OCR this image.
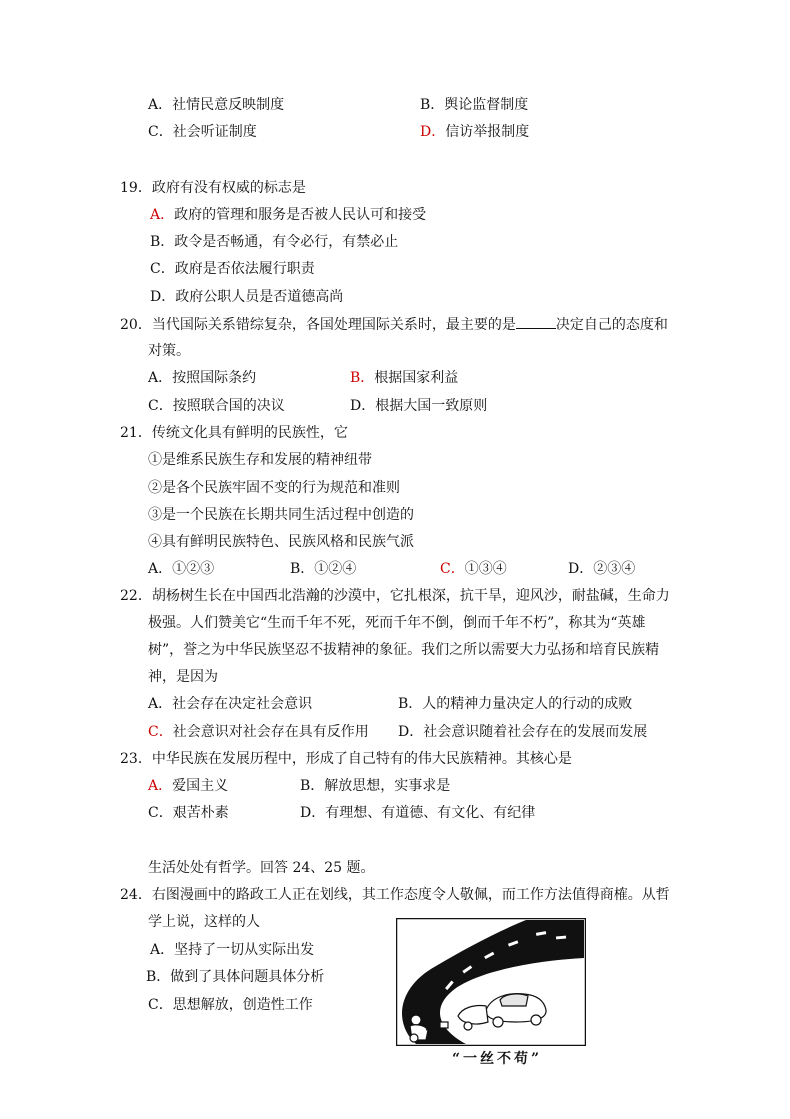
A．社情民意反映制度	B．舆论监督制度
C．社会听证制度	D．信访举报制度
19．政府有没有权威的标志是
A．政府的管理和服务是否被人民认可和接受
B．政令是否畅通，有令必行，有禁必止
C．政府是否依法履行职责
D．政府公职人员是否道德高尚
20．当代国际关系错综复杂，各国处理国际关系时，最主要的是	决定自己的态度和
对策。
A．按照国际条约	B．根据国家利益
C．按照联合国的决议	D．根据大国一致原则
21．传统文化具有鲜明的民族性，它
①是维系民族生存和发展的精神纽带
②是各个民族牢固不变的行为规范和准则
③是一个民族在长期共同生活过程中创造的
④具有鲜明民族特色、民族风格和民族气派
A．①②③	B．①②④	C．①③④	D．②③④
22．胡杨树生长在中国西北浩瀚的沙漠中，它扎根深，抗干旱，迎风沙，耐盐碱，生命力
极强。人们赞美它“生而千年不死，死而千年不倒，倒而千年不朽”，称其为“英雄
树”，誉之为中华民族坚忍不拔精神的象征。我们之所以需要大力弘扬和培育民族精
神，是因为
A．社会存在决定社会意识	B．人的精神力量决定人的行动的成败
C．社会意识对社会存在具有反作用 D．社会意识随着社会存在的发展而发展
23．中华民族在发展历程中，形成了自己特有的伟大民族精神。其核心是
A．爱国主义	B．解放思想，实事求是
C．艰苦朴素	D．有理想、有道德、有文化、有纪律
生活处处有哲学。回答 24、25 题。
24．右图漫画中的路政工人正在划线，其工作态度令人敬佩，而工作方法值得商榷。从哲
学上说，这样的人
A．坚持了一切从实际出发
B．做到了具体问题具体分析
C．思想解放，创造性工作
“一丝不苟”
